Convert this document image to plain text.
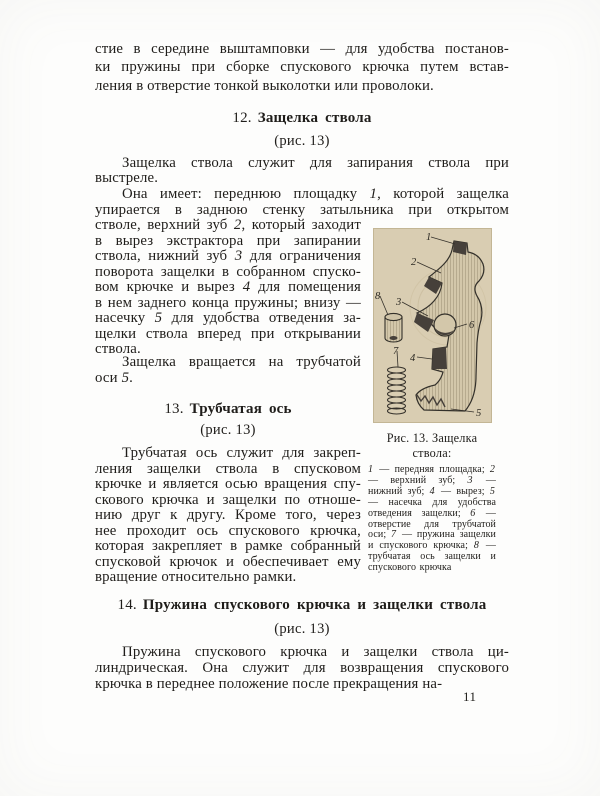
стие в середине выштамповки — для удобства постанов-
ки пружины при сборке спускового крючка путем встав-
ления в отверстие тонкой выколотки или проволоки.
12. Защелка ствола
(рис. 13)
Защелка ствола служит для запирания ствола при
выстреле.
Она имеет: переднюю площадку 1, которой защелка
упирается в заднюю стенку затыльника при открытом
стволе, верхний зуб 2, который заходит
в вырез экстрактора при запирании
ствола, нижний зуб 3 для ограничения
поворота защелки в собранном спуско-
вом крючке и вырез 4 для помещения
в нем заднего конца пружины; внизу —
насечку 5 для удобства отведения за-
щелки ствола вперед при открывании
ствола.
Защелка вращается на трубчатой
оси 5.
13. Трубчатая ось
(рис. 13)
Трубчатая ось служит для закреп-
ления защелки ствола в спусковом
крючке и является осью вращения спу-
скового крючка и защелки по отноше-
нию друг к другу. Кроме того, через
нее проходит ось спускового крючка,
которая закрепляет в рамке собранный
спусковой крючок и обеспечивает ему
вращение относительно рамки.
1
2
8
3
6
7
4
5
Рис. 13. Защелка
ствола:
1 — передняя площадка; 2 — верхний зуб; 3 — нижний зуб; 4 — вырез; 5 — насечка для удобства отведения защелки; 6 — отверстие для трубчатой оси; 7 — пружина защелки и спускового крючка; 8 — трубчатая ось защелки и спускового крючка
14. Пружина спускового крючка и защелки ствола
(рис. 13)
Пружина спускового крючка и защелки ствола ци-
линдрическая. Она служит для возвращения спускового
крючка в переднее положение после прекращения на-
11
